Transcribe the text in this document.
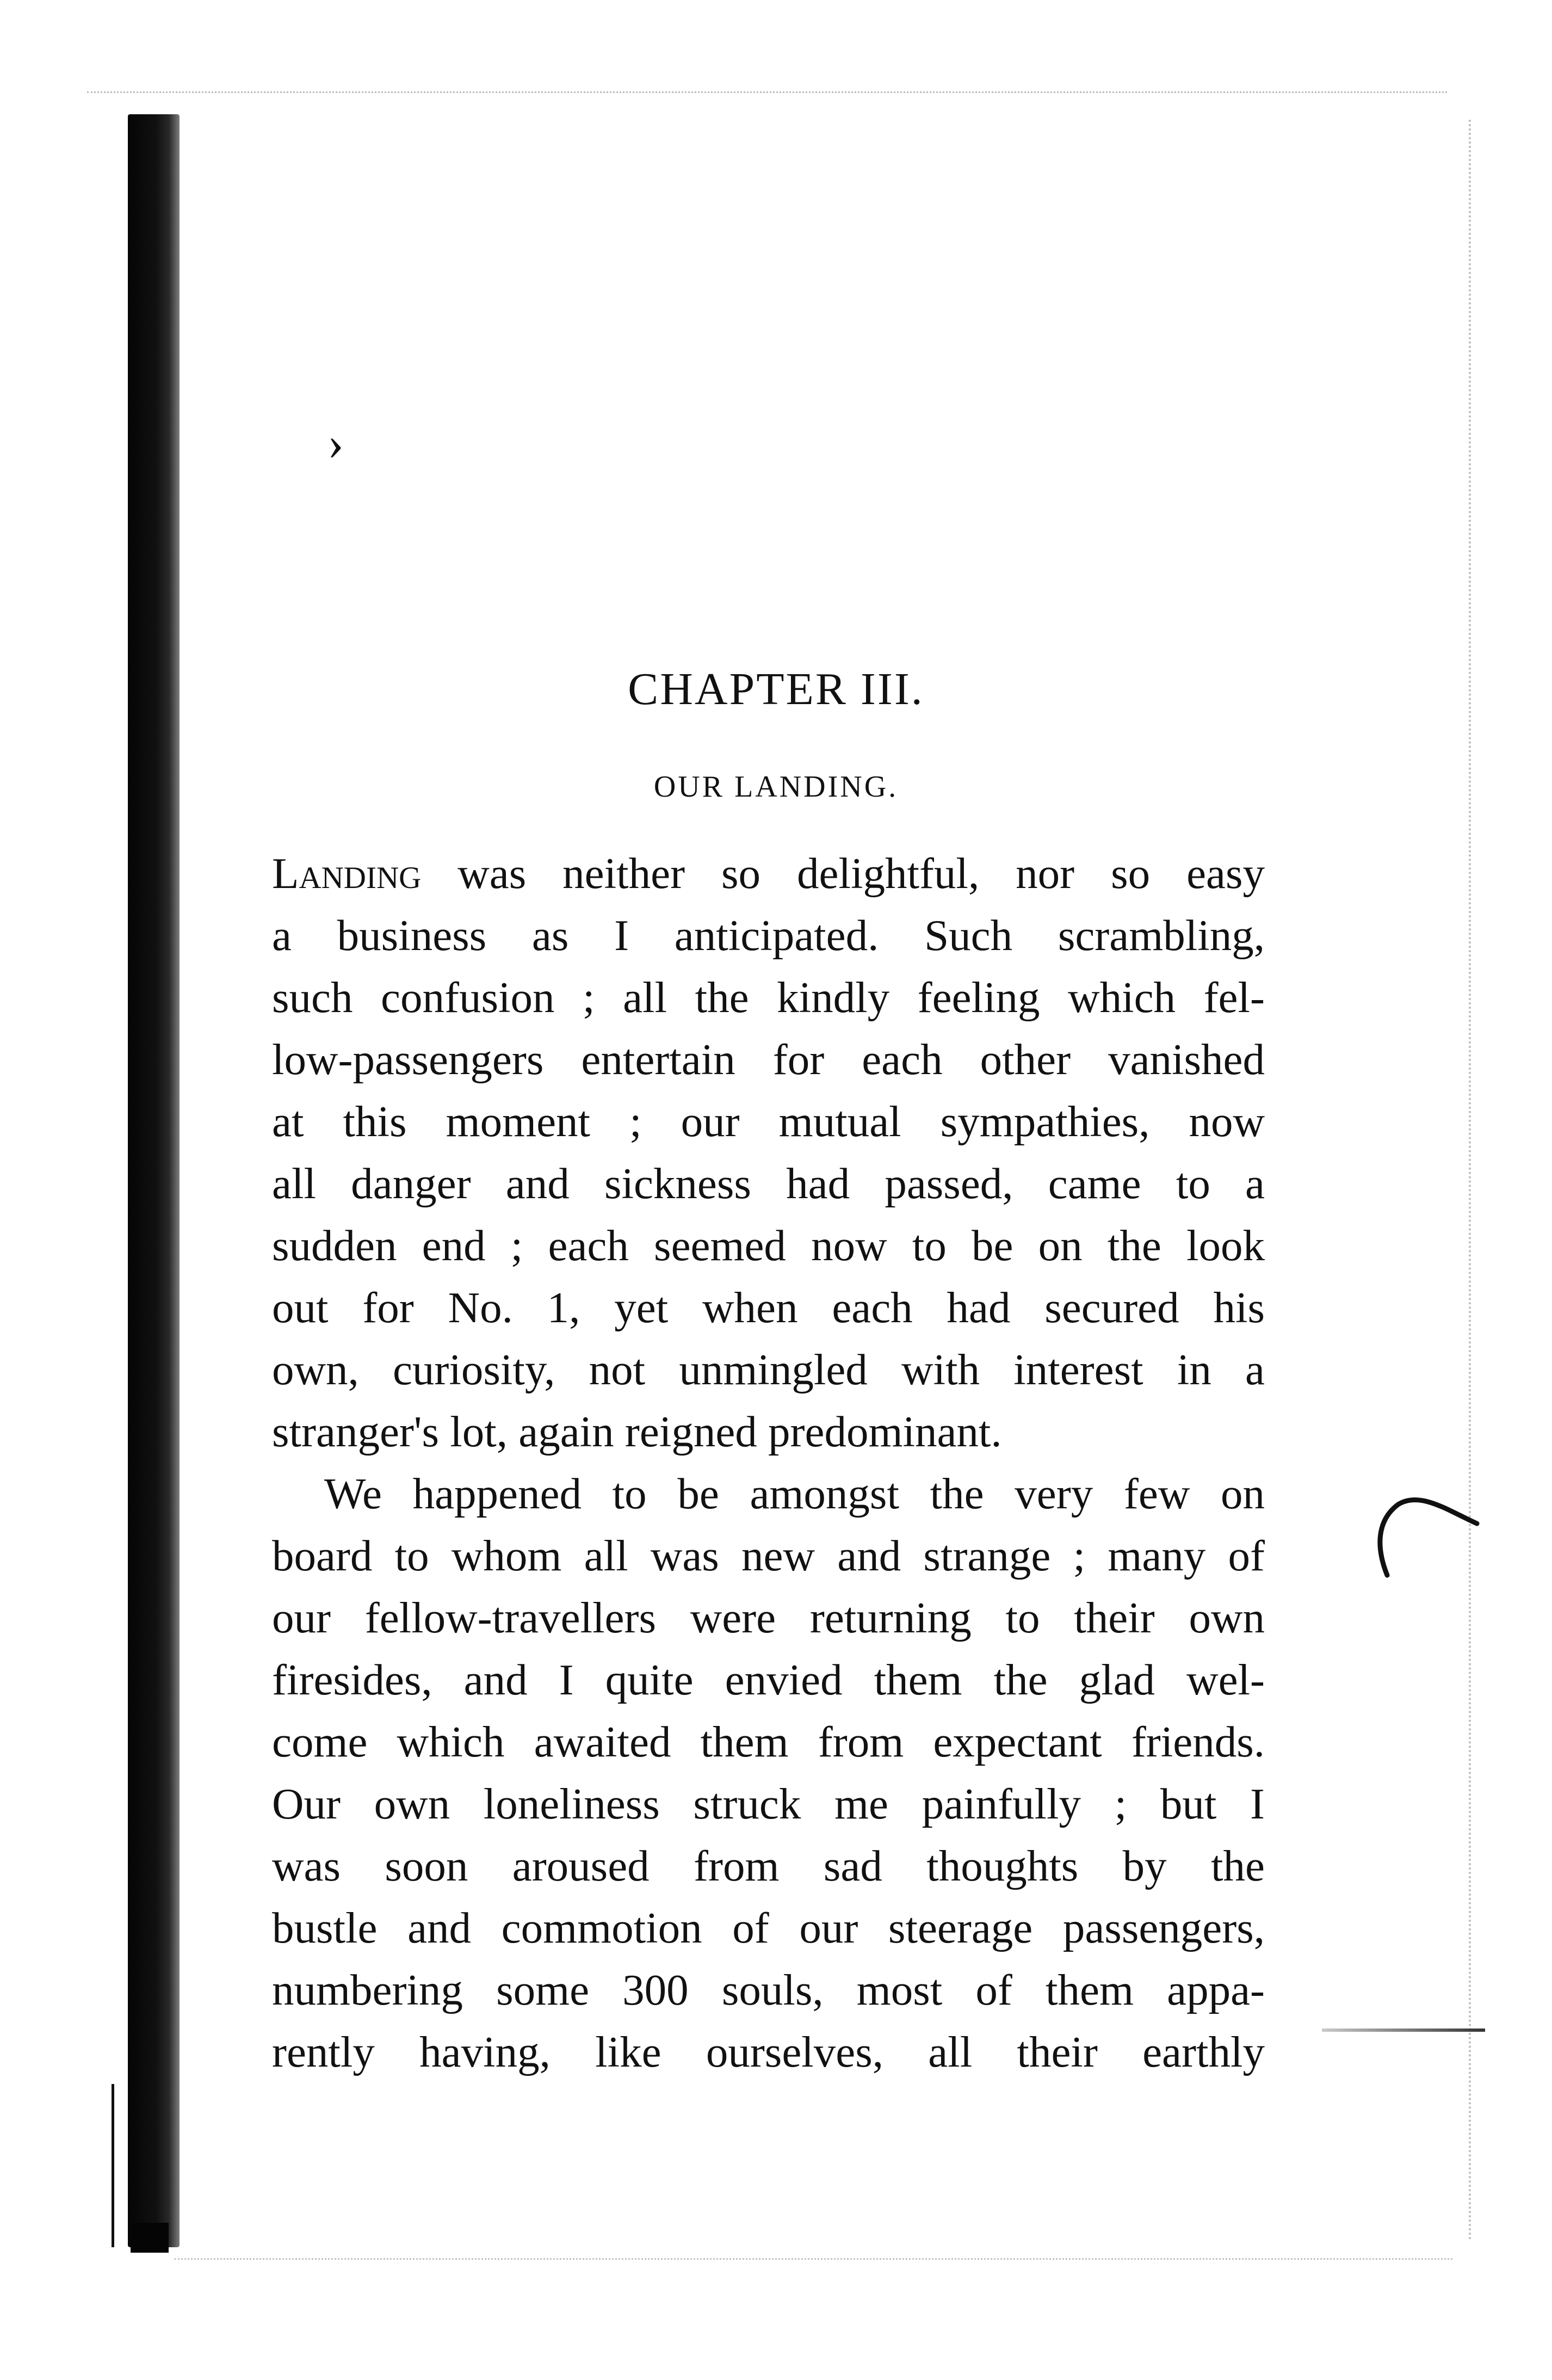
›
CHAPTER III.
OUR LANDING.
Landing was neither so delightful, nor so easy
a business as I anticipated. Such scrambling,
such confusion ; all the kindly feeling which fel-
low-passengers entertain for each other vanished
at this moment ; our mutual sympathies, now
all danger and sickness had passed, came to a
sudden end ; each seemed now to be on the look
out for No. 1, yet when each had secured his
own, curiosity, not unmingled with interest in a
stranger's lot, again reigned predominant.
We happened to be amongst the very few on
board to whom all was new and strange ; many of
our fellow-travellers were returning to their own
firesides, and I quite envied them the glad wel-
come which awaited them from expectant friends.
Our own loneliness struck me painfully ; but I
was soon aroused from sad thoughts by the
bustle and commotion of our steerage passengers,
numbering some 300 souls, most of them appa-
rently having, like ourselves, all their earthly
